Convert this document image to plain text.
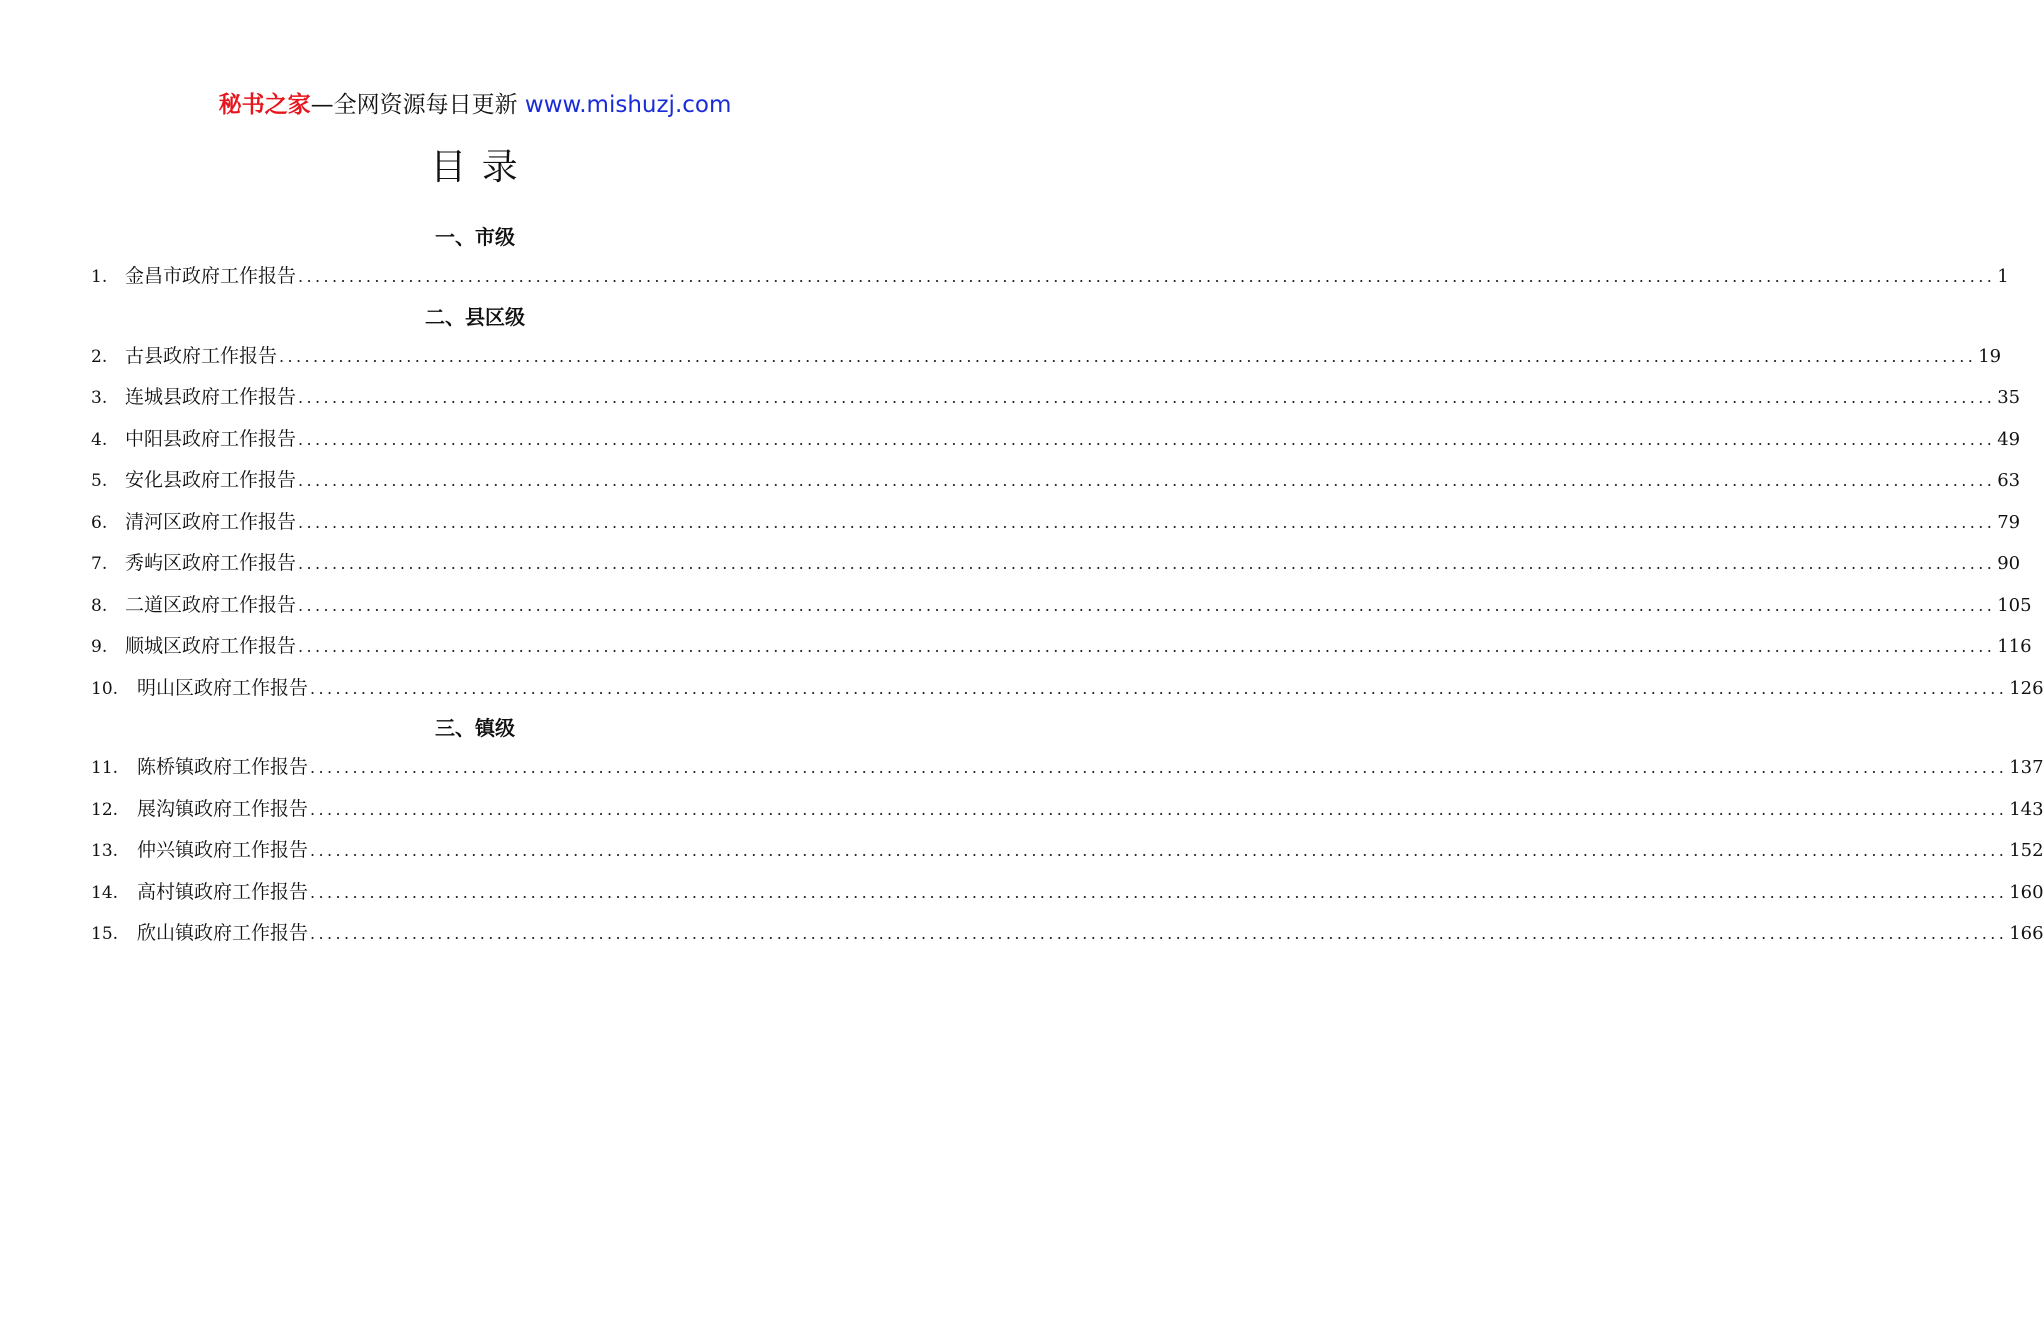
秘书之家—全网资源每日更新 www.mishuzj.com
目 录
一、市级
1. 金昌市政府工作报告 ........................................................................................................................................................................................................ 1
二、县区级
2. 古县政府工作报告 ........................................................................................................................................................................................................ 19
3. 连城县政府工作报告 ........................................................................................................................................................................................................ 35
4. 中阳县政府工作报告 ........................................................................................................................................................................................................ 49
5. 安化县政府工作报告 ........................................................................................................................................................................................................ 63
6. 清河区政府工作报告 ........................................................................................................................................................................................................ 79
7. 秀屿区政府工作报告 ........................................................................................................................................................................................................ 90
8. 二道区政府工作报告 ........................................................................................................................................................................................................ 105
9. 顺城区政府工作报告 ........................................................................................................................................................................................................ 116
10. 明山区政府工作报告 ........................................................................................................................................................................................................ 126
三、镇级
11. 陈桥镇政府工作报告 ........................................................................................................................................................................................................ 137
12. 展沟镇政府工作报告 ........................................................................................................................................................................................................ 143
13. 仲兴镇政府工作报告 ........................................................................................................................................................................................................ 152
14. 高村镇政府工作报告 ........................................................................................................................................................................................................ 160
15. 欣山镇政府工作报告 ........................................................................................................................................................................................................ 166
